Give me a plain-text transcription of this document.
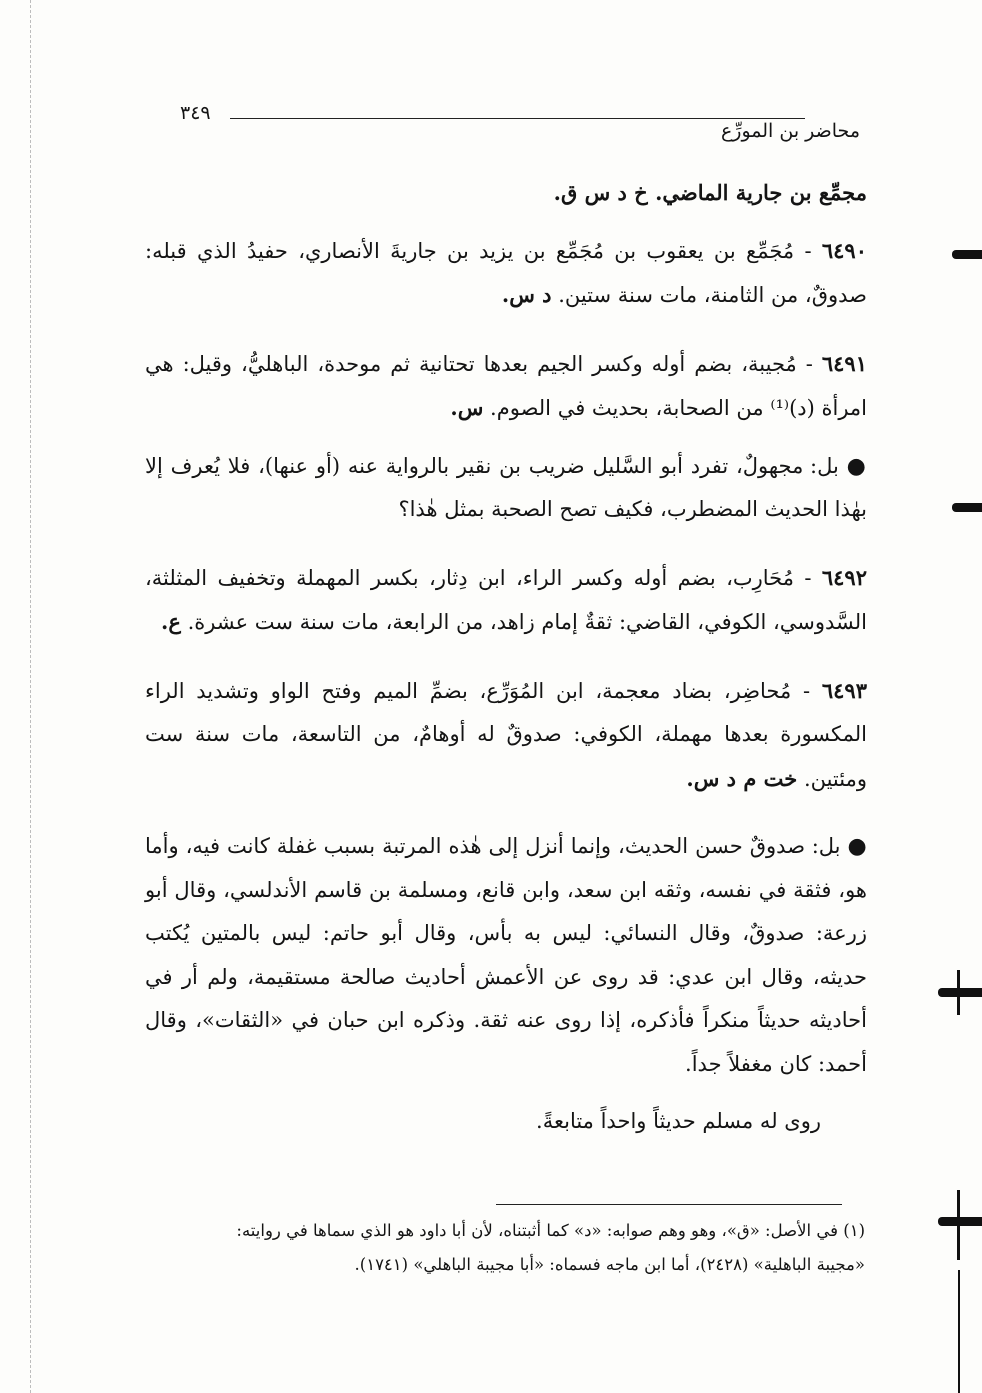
٣٤٩
محاضر بن المورِّع

مجمِّع بن جارية الماضي. خ د س ق.

٦٤٩٠ - مُجَمِّع بن يعقوب بن مُجَمِّع بن يزيد بن جاريةَ الأنصاري، حفيدُ الذي قبله: صدوقٌ، من الثامنة، مات سنة ستين. د س.

٦٤٩١ - مُجيبة، بضم أوله وكسر الجيم بعدها تحتانية ثم موحدة، الباهليُّ، وقيل: هي امرأة (د)⁽¹⁾ من الصحابة، بحديث في الصوم. س.

● بل: مجهولٌ، تفرد أبو السَّليل ضريب بن نقير بالرواية عنه (أو عنها)، فلا يُعرف إلا بهٰذا الحديث المضطرب، فكيف تصح الصحبة بمثل هٰذا؟

٦٤٩٢ - مُحَارِب، بضم أوله وكسر الراء، ابن دِثار، بكسر المهملة وتخفيف المثلثة، السَّدوسي، الكوفي، القاضي: ثقةٌ إمام زاهد، من الرابعة، مات سنة ست عشرة. ع.

٦٤٩٣ - مُحاضِر، بضاد معجمة، ابن المُوَرِّع، بضمِّ الميم وفتح الواو وتشديد الراء المكسورة بعدها مهملة، الكوفي: صدوقٌ له أوهامٌ، من التاسعة، مات سنة ست ومئتين. خت م د س.

● بل: صدوقٌ حسن الحديث، وإنما أنزل إلى هٰذه المرتبة بسبب غفلة كانت فيه، وأما هو، فثقة في نفسه، وثقه ابن سعد، وابن قانع، ومسلمة بن قاسم الأندلسي، وقال أبو زرعة: صدوقٌ، وقال النسائي: ليس به بأس، وقال أبو حاتم: ليس بالمتين يُكتب حديثه، وقال ابن عدي: قد روى عن الأعمش أحاديث صالحة مستقيمة، ولم أر في أحاديثه حديثاً منكراً فأذكره، إذا روى عنه ثقة. وذكره ابن حبان في «الثقات»، وقال أحمد: كان مغفلاً جداً.

روى له مسلم حديثاً واحداً متابعةً.

(١) في الأصل: «ق»، وهو وهم صوابه: «د» كما أثبتناه، لأن أبا داود هو الذي سماها في روايته:
«مجيبة الباهلية» (٢٤٢٨)، أما ابن ماجه فسماه: «أبا مجيبة الباهلي» (١٧٤١).
